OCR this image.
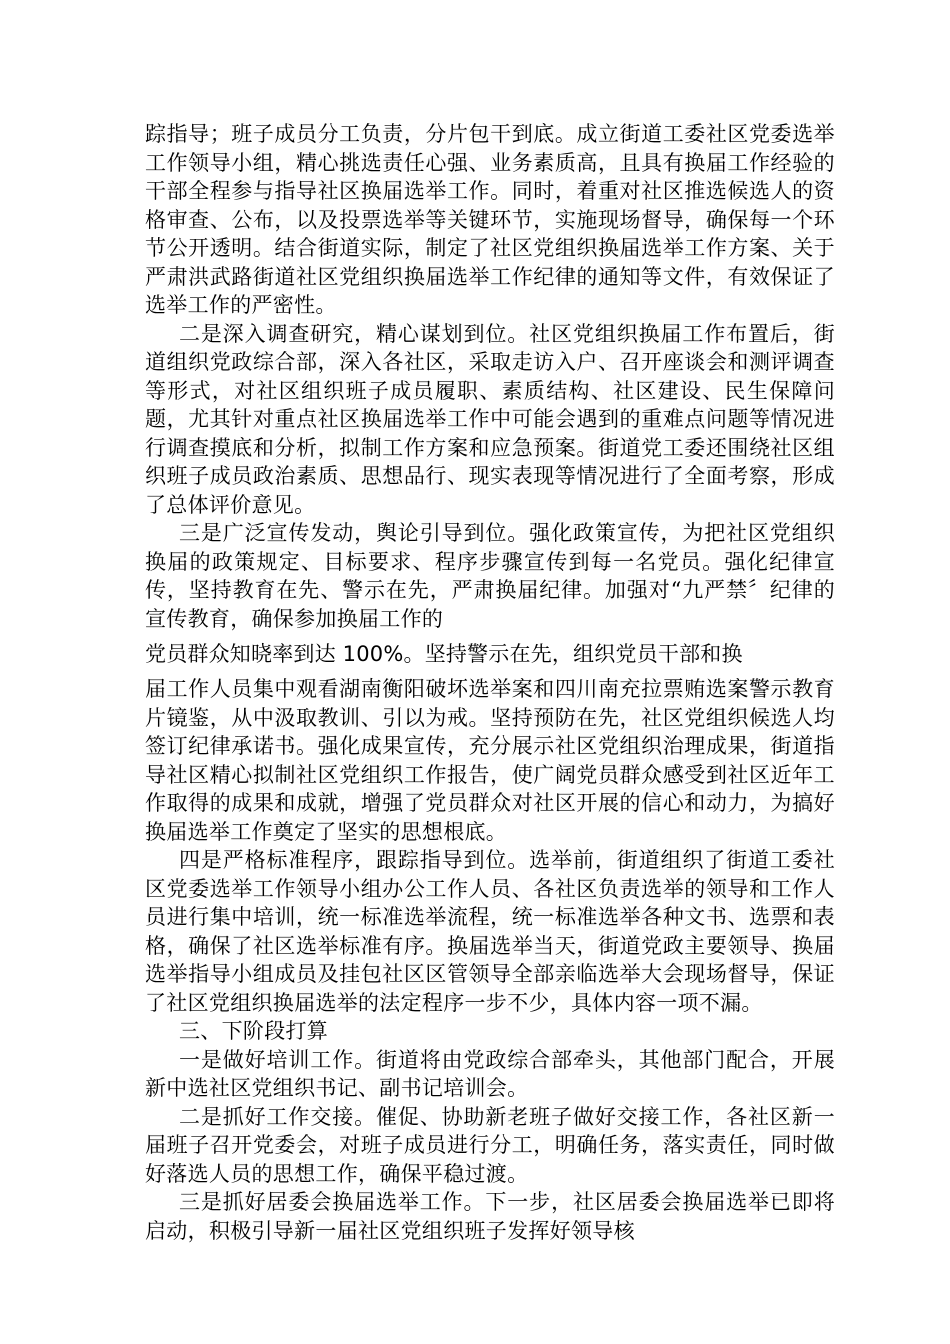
踪指导；班子成员分工负责，分片包干到底。成立街道工委社区党委选举工作领导小组，精心挑选责任心强、业务素质高，且具有换届工作经验的干部全程参与指导社区换届选举工作。同时，着重对社区推选候选人的资格审查、公布，以及投票选举等关键环节，实施现场督导，确保每一个环节公开透明。结合街道实际，制定了社区党组织换届选举工作方案、关于严肃洪武路街道社区党组织换届选举工作纪律的通知等文件，有效保证了选举工作的严密性。

二是深入调查研究，精心谋划到位。社区党组织换届工作布置后，街道组织党政综合部，深入各社区，采取走访入户、召开座谈会和测评调查等形式，对社区组织班子成员履职、素质结构、社区建设、民生保障问题，尤其针对重点社区换届选举工作中可能会遇到的重难点问题等情况进行调查摸底和分析，拟制工作方案和应急预案。街道党工委还围绕社区组织班子成员政治素质、思想品行、现实表现等情况进行了全面考察，形成了总体评价意见。

三是广泛宣传发动，舆论引导到位。强化政策宣传，为把社区党组织换届的政策规定、目标要求、程序步骤宣传到每一名党员。强化纪律宣传，坚持教育在先、警示在先，严肃换届纪律。加强对“九严禁〞纪律的宣传教育，确保参加换届工作的

党员群众知晓率到达 100%。坚持警示在先，组织党员干部和换

届工作人员集中观看湖南衡阳破坏选举案和四川南充拉票贿选案警示教育片镜鉴，从中汲取教训、引以为戒。坚持预防在先，社区党组织候选人均签订纪律承诺书。强化成果宣传，充分展示社区党组织治理成果，街道指导社区精心拟制社区党组织工作报告，使广阔党员群众感受到社区近年工作取得的成果和成就，增强了党员群众对社区开展的信心和动力，为搞好换届选举工作奠定了坚实的思想根底。

四是严格标准程序，跟踪指导到位。选举前，街道组织了街道工委社区党委选举工作领导小组办公工作人员、各社区负责选举的领导和工作人员进行集中培训，统一标准选举流程，统一标准选举各种文书、选票和表格，确保了社区选举标准有序。换届选举当天，街道党政主要领导、换届选举指导小组成员及挂包社区区管领导全部亲临选举大会现场督导，保证了社区党组织换届选举的法定程序一步不少，具体内容一项不漏。

三、下阶段打算

一是做好培训工作。街道将由党政综合部牵头，其他部门配合，开展新中选社区党组织书记、副书记培训会。

二是抓好工作交接。催促、协助新老班子做好交接工作，各社区新一届班子召开党委会，对班子成员进行分工，明确任务，落实责任，同时做好落选人员的思想工作，确保平稳过渡。

三是抓好居委会换届选举工作。下一步，社区居委会换届选举已即将启动，积极引导新一届社区党组织班子发挥好领导核
